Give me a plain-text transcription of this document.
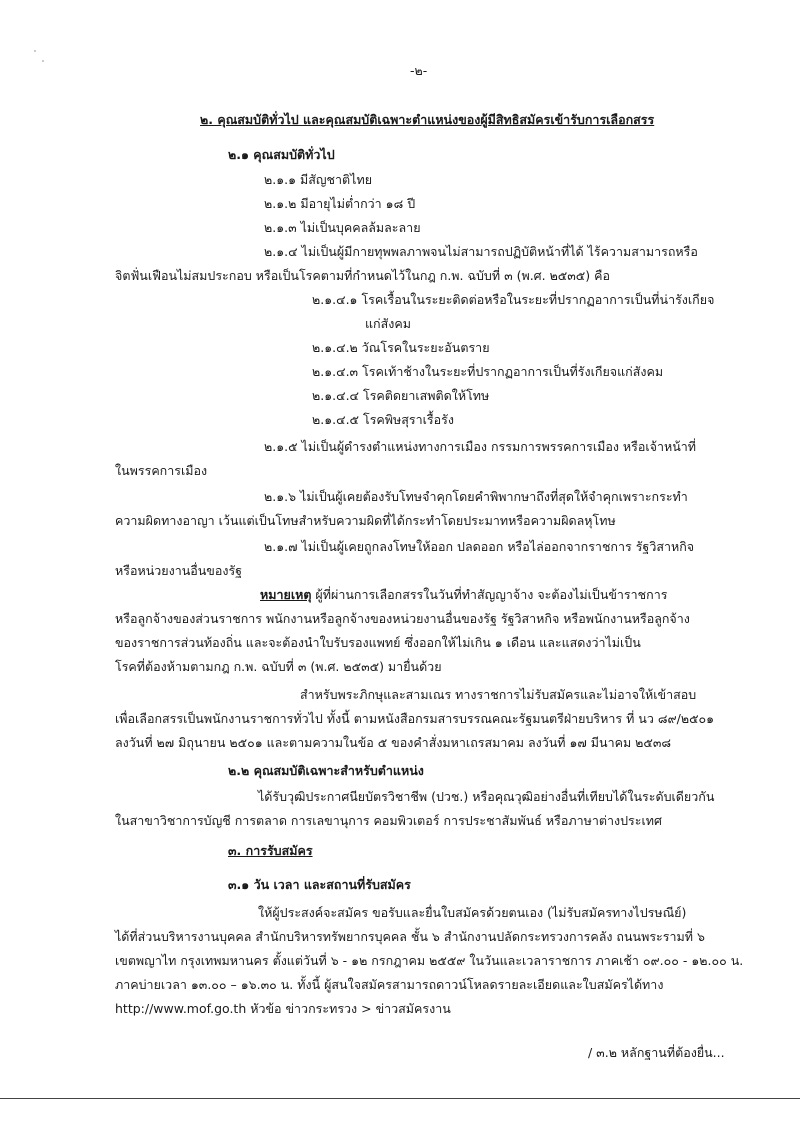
-๒-
๒. คุณสมบัติทั่วไป และคุณสมบัติเฉพาะตำแหน่งของผู้มีสิทธิสมัครเข้ารับการเลือกสรร
๒.๑ คุณสมบัติทั่วไป
๒.๑.๑ มีสัญชาติไทย
๒.๑.๒ มีอายุไม่ต่ำกว่า ๑๘ ปี
๒.๑.๓ ไม่เป็นบุคคลล้มละลาย
๒.๑.๔ ไม่เป็นผู้มีกายทุพพลภาพจนไม่สามารถปฏิบัติหน้าที่ได้ ไร้ความสามารถหรือ
จิตฟั่นเฟือนไม่สมประกอบ หรือเป็นโรคตามที่กำหนดไว้ในกฎ ก.พ. ฉบับที่ ๓ (พ.ศ. ๒๕๓๕) คือ
๒.๑.๔.๑ โรคเรื้อนในระยะติดต่อหรือในระยะที่ปรากฏอาการเป็นที่น่ารังเกียจ
แก่สังคม
๒.๑.๔.๒ วัณโรคในระยะอันตราย
๒.๑.๔.๓ โรคเท้าช้างในระยะที่ปรากฏอาการเป็นที่รังเกียจแก่สังคม
๒.๑.๔.๔ โรคติดยาเสพติดให้โทษ
๒.๑.๔.๕ โรคพิษสุราเรื้อรัง
๒.๑.๕ ไม่เป็นผู้ดำรงตำแหน่งทางการเมือง กรรมการพรรคการเมือง หรือเจ้าหน้าที่
ในพรรคการเมือง
๒.๑.๖ ไม่เป็นผู้เคยต้องรับโทษจำคุกโดยคำพิพากษาถึงที่สุดให้จำคุกเพราะกระทำ
ความผิดทางอาญา เว้นแต่เป็นโทษสำหรับความผิดที่ได้กระทำโดยประมาทหรือความผิดลหุโทษ
๒.๑.๗ ไม่เป็นผู้เคยถูกลงโทษให้ออก ปลดออก หรือไล่ออกจากราชการ รัฐวิสาหกิจ
หรือหน่วยงานอื่นของรัฐ
หมายเหตุ ผู้ที่ผ่านการเลือกสรรในวันที่ทำสัญญาจ้าง จะต้องไม่เป็นข้าราชการ
หรือลูกจ้างของส่วนราชการ พนักงานหรือลูกจ้างของหน่วยงานอื่นของรัฐ รัฐวิสาหกิจ หรือพนักงานหรือลูกจ้าง
ของราชการส่วนท้องถิ่น และจะต้องนำใบรับรองแพทย์ ซึ่งออกให้ไม่เกิน ๑ เดือน และแสดงว่าไม่เป็น
โรคที่ต้องห้ามตามกฎ ก.พ. ฉบับที่ ๓ (พ.ศ. ๒๕๓๕) มายื่นด้วย
สำหรับพระภิกษุและสามเณร ทางราชการไม่รับสมัครและไม่อาจให้เข้าสอบ
เพื่อเลือกสรรเป็นพนักงานราชการทั่วไป ทั้งนี้ ตามหนังสือกรมสารบรรณคณะรัฐมนตรีฝ่ายบริหาร ที่ นว ๘๙/๒๕๐๑
ลงวันที่ ๒๗ มิถุนายน ๒๕๐๑ และตามความในข้อ ๕ ของคำสั่งมหาเถรสมาคม ลงวันที่ ๑๗ มีนาคม ๒๕๓๘
๒.๒ คุณสมบัติเฉพาะสำหรับตำแหน่ง
ได้รับวุฒิประกาศนียบัตรวิชาชีพ (ปวช.) หรือคุณวุฒิอย่างอื่นที่เทียบได้ในระดับเดียวกัน
ในสาขาวิชาการบัญชี การตลาด การเลขานุการ คอมพิวเตอร์ การประชาสัมพันธ์ หรือภาษาต่างประเทศ
๓. การรับสมัคร
๓.๑ วัน เวลา และสถานที่รับสมัคร
ให้ผู้ประสงค์จะสมัคร ขอรับและยื่นใบสมัครด้วยตนเอง (ไม่รับสมัครทางไปรษณีย์)
ได้ที่ส่วนบริหารงานบุคคล สำนักบริหารทรัพยากรบุคคล ชั้น ๖ สำนักงานปลัดกระทรวงการคลัง ถนนพระรามที่ ๖
เขตพญาไท กรุงเทพมหานคร ตั้งแต่วันที่ ๖ - ๑๒ กรกฎาคม ๒๕๕๙ ในวันและเวลาราชการ ภาคเช้า ๐๙.๐๐ - ๑๒.๐๐ น.
ภาคบ่ายเวลา ๑๓.๐๐ – ๑๖.๓๐ น. ทั้งนี้ ผู้สนใจสมัครสามารถดาวน์โหลดรายละเอียดและใบสมัครได้ทาง
http://www.mof.go.th หัวข้อ ข่าวกระทรวง > ข่าวสมัครงาน
/ ๓.๒ หลักฐานที่ต้องยื่น...
